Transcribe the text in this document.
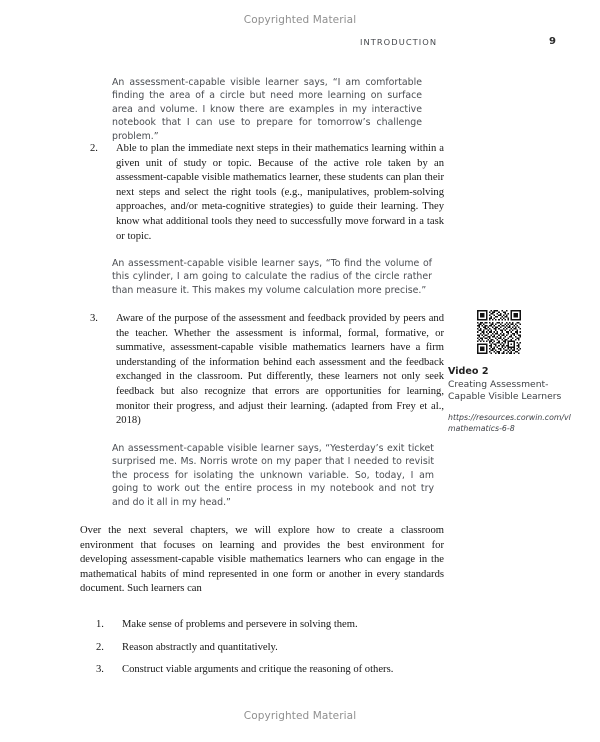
Copyrighted Material
INTRODUCTION	9

An assessment-capable visible learner says, “I am comfortable finding the area of a circle but need more learning on surface area and volume. I know there are examples in my interactive notebook that I can use to prepare for tomorrow’s challenge problem.”

2.	Able to plan the immediate next steps in their mathematics learning within a given unit of study or topic. Because of the active role taken by an assessment-capable visible mathematics learner, these students can plan their next steps and select the right tools (e.g., manipulatives, problem-solving approaches, and/or meta-cognitive strategies) to guide their learning. They know what additional tools they need to successfully move forward in a task or topic.

An assessment-capable visible learner says, “To find the volume of this cylinder, I am going to calculate the radius of the circle rather than measure it. This makes my volume calculation more precise.”

3.	Aware of the purpose of the assessment and feedback provided by peers and the teacher. Whether the assessment is informal, formal, formative, or summative, assessment-capable visible mathematics learners have a firm understanding of the information behind each assessment and the feedback exchanged in the classroom. Put differently, these learners not only seek feedback but also recognize that errors are opportunities for learning, monitor their progress, and adjust their learning. (adapted from Frey et al., 2018)

An assessment-capable visible learner says, “Yesterday’s exit ticket surprised me. Ms. Norris wrote on my paper that I needed to revisit the process for isolating the unknown variable. So, today, I am going to work out the entire process in my notebook and not try and do it all in my head.”

Over the next several chapters, we will explore how to create a classroom environment that focuses on learning and provides the best environment for developing assessment-capable visible mathematics learners who can engage in the mathematical habits of mind represented in one form or another in every standards document. Such learners can

1.	Make sense of problems and persevere in solving them.

2.	Reason abstractly and quantitatively.

3.	Construct viable arguments and critique the reasoning of others.

Video 2
Creating Assessment-Capable Visible Learners
https://resources.corwin.com/vlmathematics-6-8
Copyrighted Material
